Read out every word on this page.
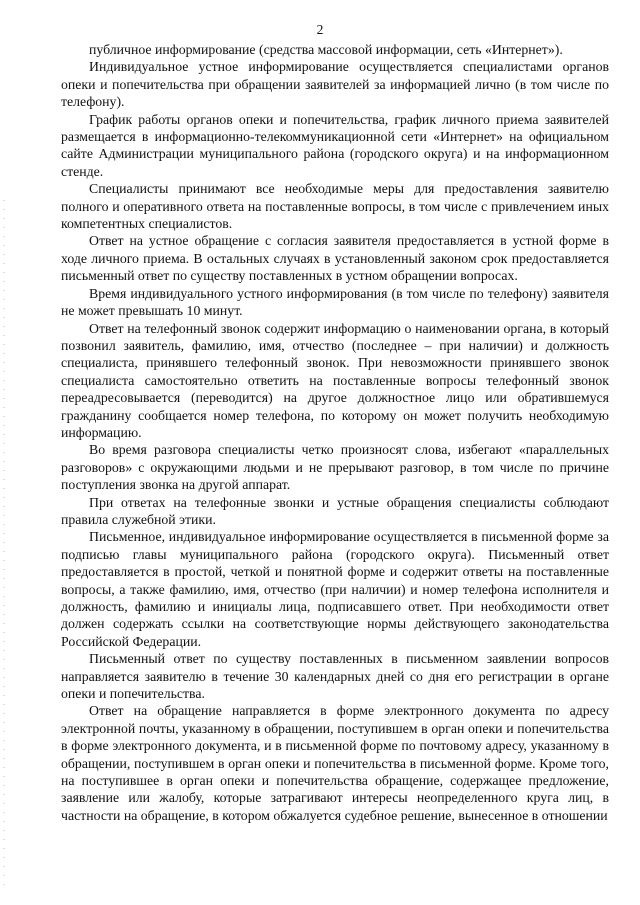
2

публичное информирование (средства массовой информации, сеть «Интернет»).

Индивидуальное устное информирование осуществляется специалистами органов опеки и попечительства при обращении заявителей за информацией лично (в том числе по телефону).

График работы органов опеки и попечительства, график личного приема заявителей размещается в информационно-телекоммуникационной сети «Интернет» на официальном сайте Администрации муниципального района (городского округа) и на информационном стенде.

Специалисты принимают все необходимые меры для предоставления заявителю полного и оперативного ответа на поставленные вопросы, в том числе с привлечением иных компетентных специалистов.

Ответ на устное обращение с согласия заявителя предоставляется в устной форме в ходе личного приема. В остальных случаях в установленный законом срок предоставляется письменный ответ по существу поставленных в устном обращении вопросах.

Время индивидуального устного информирования (в том числе по телефону) заявителя не может превышать 10 минут.

Ответ на телефонный звонок содержит информацию о наименовании органа, в который позвонил заявитель, фамилию, имя, отчество (последнее – при наличии) и должность специалиста, принявшего телефонный звонок. При невозможности принявшего звонок специалиста самостоятельно ответить на поставленные вопросы телефонный звонок переадресовывается (переводится) на другое должностное лицо или обратившемуся гражданину сообщается номер телефона, по которому он может получить необходимую информацию.

Во время разговора специалисты четко произносят слова, избегают «параллельных разговоров» с окружающими людьми и не прерывают разговор, в том числе по причине поступления звонка на другой аппарат.

При ответах на телефонные звонки и устные обращения специалисты соблюдают правила служебной этики.

Письменное, индивидуальное информирование осуществляется в письменной форме за подписью главы муниципального района (городского округа). Письменный ответ предоставляется в простой, четкой и понятной форме и содержит ответы на поставленные вопросы, а также фамилию, имя, отчество (при наличии) и номер телефона исполнителя и должность, фамилию и инициалы лица, подписавшего ответ. При необходимости ответ должен содержать ссылки на соответствующие нормы действующего законодательства Российской Федерации.

Письменный ответ по существу поставленных в письменном заявлении вопросов направляется заявителю в течение 30 календарных дней со дня его регистрации в органе опеки и попечительства.

Ответ на обращение направляется в форме электронного документа по адресу электронной почты, указанному в обращении, поступившем в орган опеки и попечительства в форме электронного документа, и в письменной форме по почтовому адресу, указанному в обращении, поступившем в орган опеки и попечительства в письменной форме. Кроме того, на поступившее в орган опеки и попечительства обращение, содержащее предложение, заявление или жалобу, которые затрагивают интересы неопределенного круга лиц, в частности на обращение, в котором обжалуется судебное решение, вынесенное в отношении
